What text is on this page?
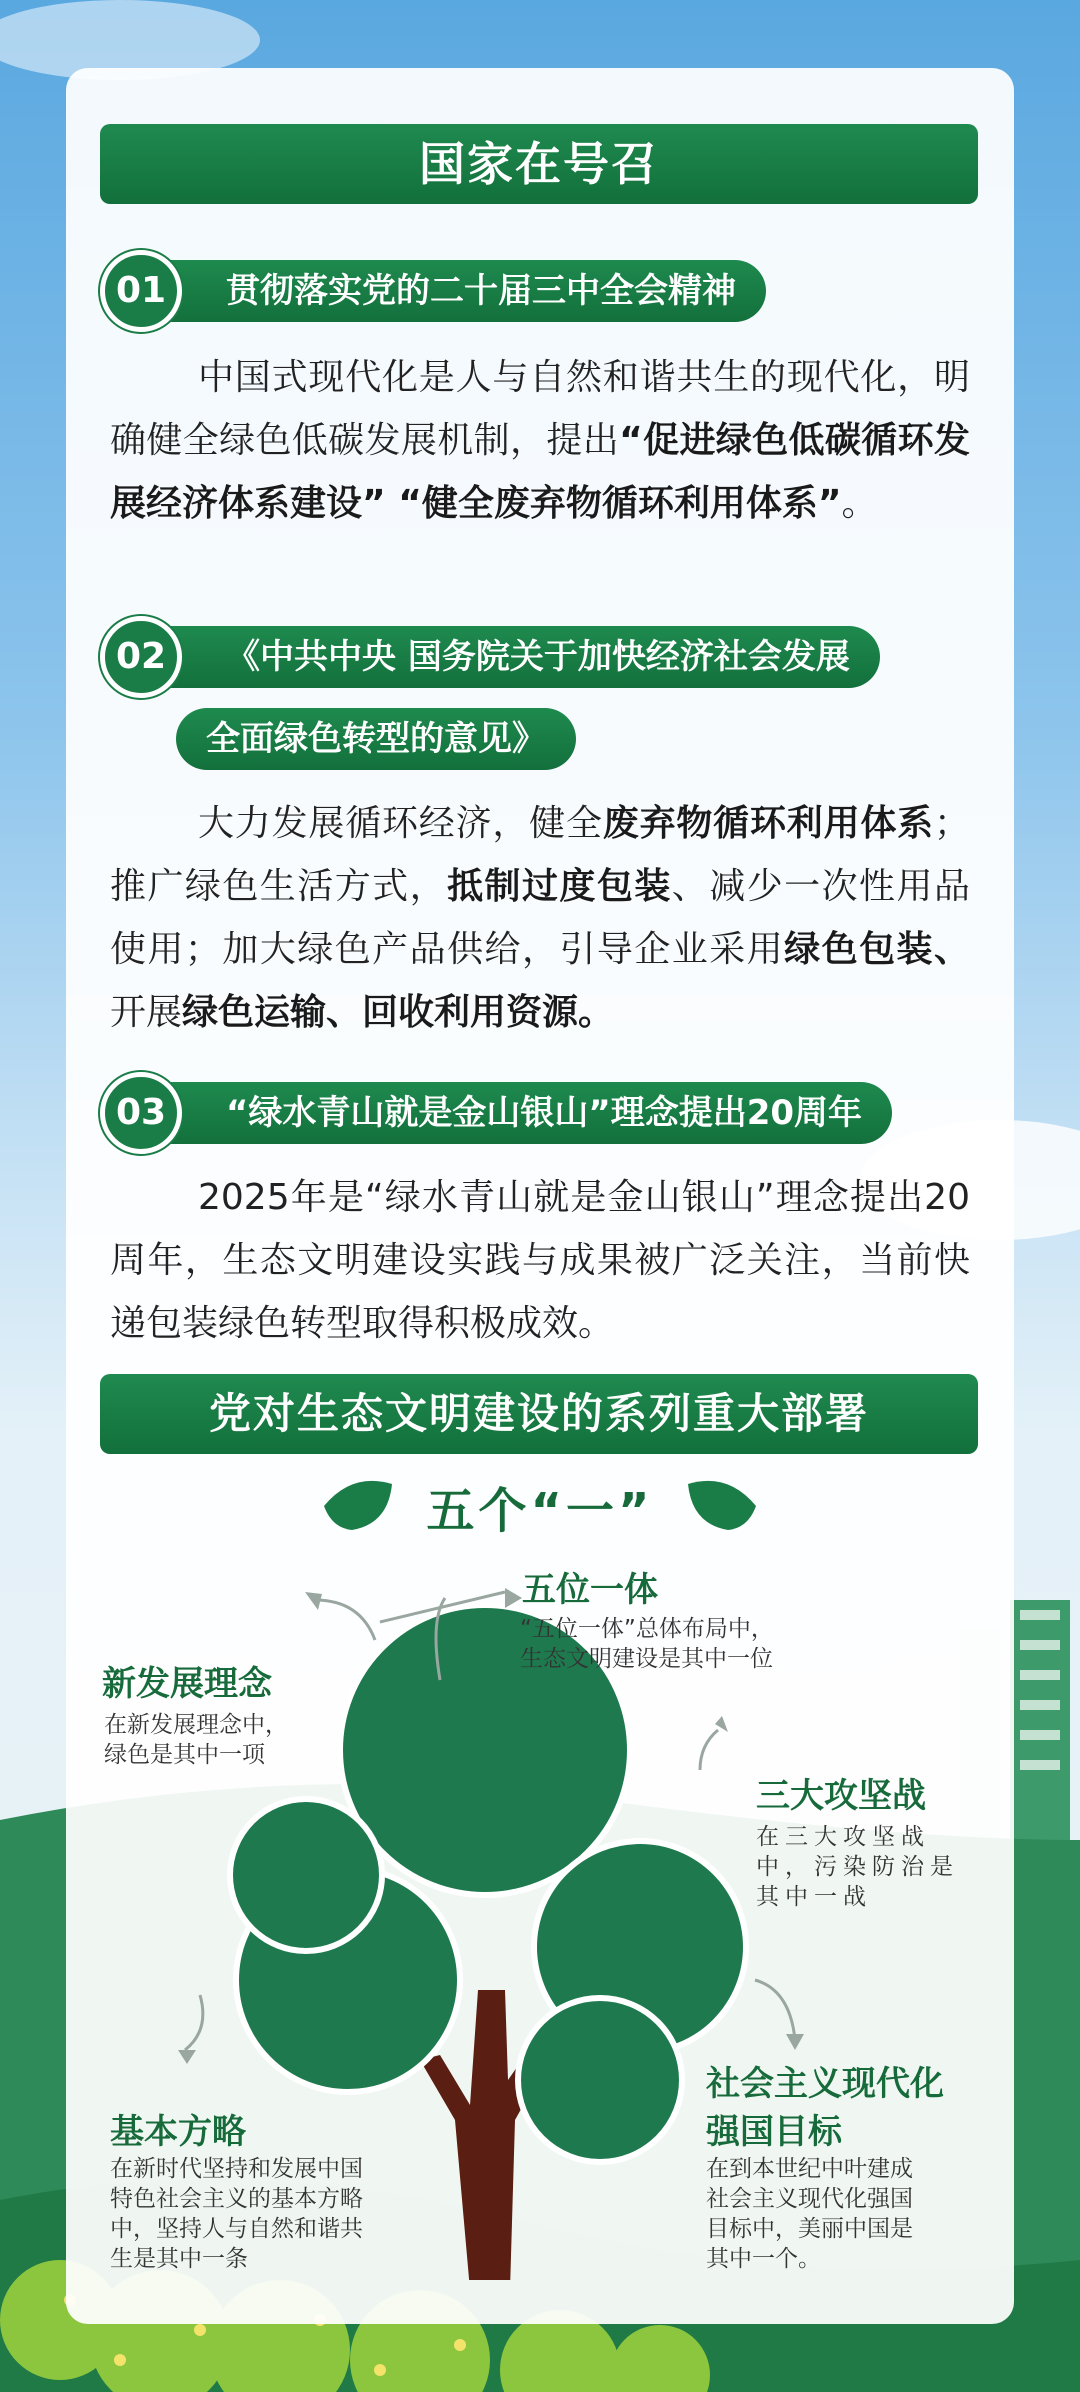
国家在号召
贯彻落实党的二十届三中全会精神
01
中国式现代化是人与自然和谐共生的现代化，明确健全绿色低碳发展机制，提出“促进绿色低碳循环发展经济体系建设” “健全废弃物循环利用体系”。
《中共中央 国务院关于加快经济社会发展
02
全面绿色转型的意见》
大力发展循环经济，健全废弃物循环利用体系；推广绿色生活方式，抵制过度包装、减少一次性用品使用；加大绿色产品供给，引导企业采用绿色包装、开展绿色运输、回收利用资源。
“绿水青山就是金山银山”理念提出20周年
03
2025年是“绿水青山就是金山银山”理念提出20周年，生态文明建设实践与成果被广泛关注，当前快递包装绿色转型取得积极成效。
党对生态文明建设的系列重大部署
五个“一”
五位一体
“五位一体”总体布局中，
生态文明建设是其中一位
新发展理念
在新发展理念中，
绿色是其中一项
三大攻坚战
在三大攻坚战
中，污染防治是
其中一战
基本方略
在新时代坚持和发展中国
特色社会主义的基本方略
中，坚持人与自然和谐共
生是其中一条
社会主义现代化
强国目标
在到本世纪中叶建成
社会主义现代化强国
目标中，美丽中国是
其中一个。
